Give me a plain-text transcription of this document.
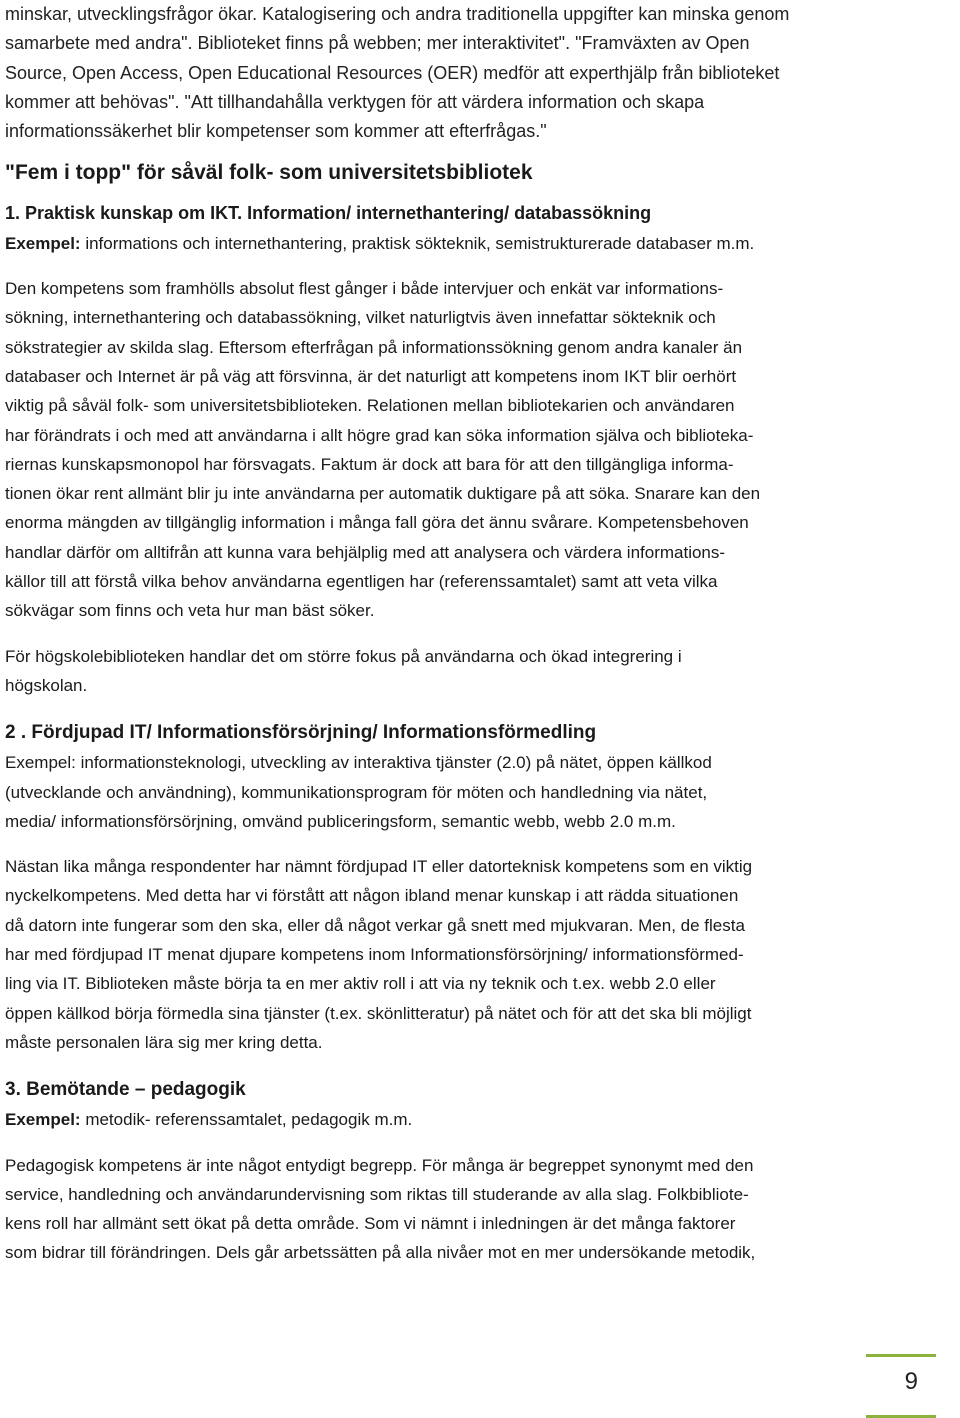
minskar, utvecklingsfrågor ökar. Katalogisering och andra traditionella uppgifter kan minska genom
samarbete med andra". Biblioteket finns på webben; mer interaktivitet". "Framväxten av Open
Source, Open Access, Open Educational Resources (OER) medför att experthjälp från biblioteket
kommer att behövas". "Att tillhandahålla verktygen för att värdera information och skapa
informationssäkerhet blir kompetenser som kommer att efterfrågas."
"Fem i topp" för såväl folk- som universitetsbibliotek
1. Praktisk kunskap om IKT. Information/ internethantering/ databassökning
Exempel: informations och internethantering, praktisk sökteknik, semistrukturerade databaser m.m.
Den kompetens som framhölls absolut flest gånger i både intervjuer och enkät var informations-
sökning, internethantering och databassökning, vilket naturligtvis även innefattar sökteknik och
sökstrategier av skilda slag. Eftersom efterfrågan på informationssökning genom andra kanaler än
databaser och Internet är på väg att försvinna, är det naturligt att kompetens inom IKT blir oerhört
viktig på såväl folk- som universitetsbiblioteken. Relationen mellan bibliotekarien och användaren
har förändrats i och med att användarna i allt högre grad kan söka information själva och biblioteka-
riernas kunskapsmonopol har försvagats. Faktum är dock att bara för att den tillgängliga informa-
tionen ökar rent allmänt blir ju inte användarna per automatik duktigare på att söka. Snarare kan den
enorma mängden av tillgänglig information i många fall göra det ännu svårare. Kompetensbehoven
handlar därför om alltifrån att kunna vara behjälplig med att analysera och värdera informations-
källor till att förstå vilka behov användarna egentligen har (referenssamtalet) samt att veta vilka
sökvägar som finns och veta hur man bäst söker.
För högskolebiblioteken handlar det om större fokus på användarna och ökad integrering i
högskolan.
2 . Fördjupad IT/ Informationsförsörjning/ Informationsförmedling
Exempel: informationsteknologi, utveckling av interaktiva tjänster (2.0) på nätet, öppen källkod
(utvecklande och användning), kommunikationsprogram för möten och handledning via nätet,
media/ informationsförsörjning, omvänd publiceringsform, semantic webb, webb 2.0 m.m.
Nästan lika många respondenter har nämnt fördjupad IT eller datorteknisk kompetens som en viktig
nyckelkompetens. Med detta har vi förstått att någon ibland menar kunskap i att rädda situationen
då datorn inte fungerar som den ska, eller då något verkar gå snett med mjukvaran. Men, de flesta
har med fördjupad IT menat djupare kompetens inom Informationsförsörjning/ informationsförmed-
ling via IT. Biblioteken måste börja ta en mer aktiv roll i att via ny teknik och t.ex. webb 2.0 eller
öppen källkod börja förmedla sina tjänster (t.ex. skönlitteratur) på nätet och för att det ska bli möjligt
måste personalen lära sig mer kring detta.
3. Bemötande – pedagogik
Exempel: metodik- referenssamtalet, pedagogik m.m.
Pedagogisk kompetens är inte något entydigt begrepp. För många är begreppet synonymt med den
service, handledning och användarundervisning som riktas till studerande av alla slag. Folkbibliote-
kens roll har allmänt sett ökat på detta område. Som vi nämnt i inledningen är det många faktorer
som bidrar till förändringen. Dels går arbetssätten på alla nivåer mot en mer undersökande metodik,
9
